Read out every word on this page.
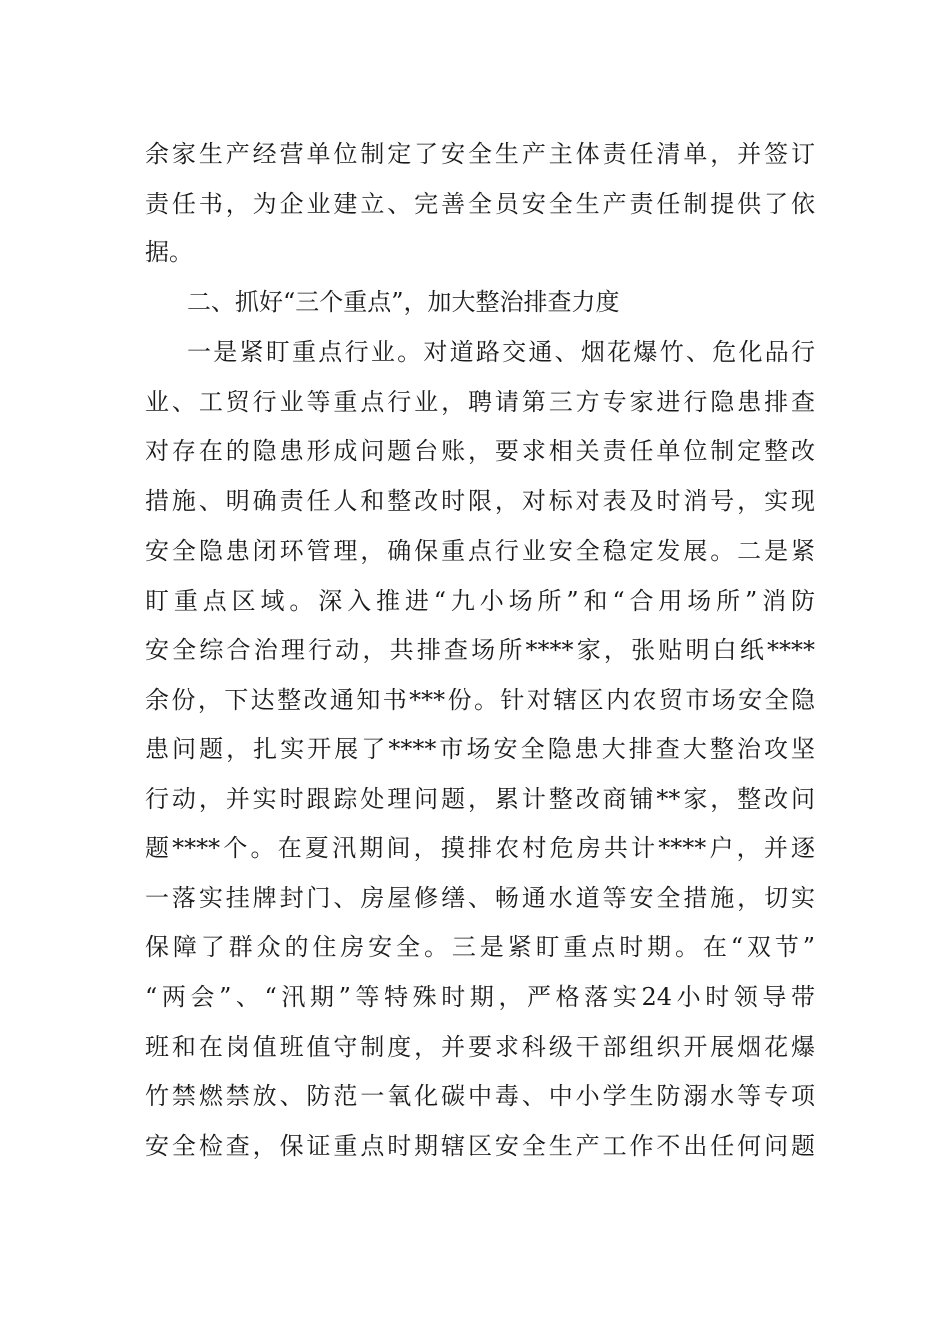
余家生产经营单位制定了安全生产主体责任清单，并签订
责任书，为企业建立、完善全员安全生产责任制提供了依
据。
二、抓好“三个重点”，加大整治排查力度
一是紧盯重点行业。对道路交通、烟花爆竹、危化品行
业、工贸行业等重点行业，聘请第三方专家进行隐患排查
对存在的隐患形成问题台账，要求相关责任单位制定整改
措施、明确责任人和整改时限，对标对表及时消号，实现
安全隐患闭环管理，确保重点行业安全稳定发展。二是紧
盯重点区域。深入推进“九小场所”和“合用场所”消防
安全综合治理行动，共排查场所****家，张贴明白纸****
余份，下达整改通知书***份。针对辖区内农贸市场安全隐
患问题，扎实开展了****市场安全隐患大排查大整治攻坚
行动，并实时跟踪处理问题，累计整改商铺**家，整改问
题****个。在夏汛期间，摸排农村危房共计****户，并逐
一落实挂牌封门、房屋修缮、畅通水道等安全措施，切实
保障了群众的住房安全。三是紧盯重点时期。在“双节”
“两会”、“汛期”等特殊时期，严格落实24小时领导带
班和在岗值班值守制度，并要求科级干部组织开展烟花爆
竹禁燃禁放、防范一氧化碳中毒、中小学生防溺水等专项
安全检查，保证重点时期辖区安全生产工作不出任何问题
